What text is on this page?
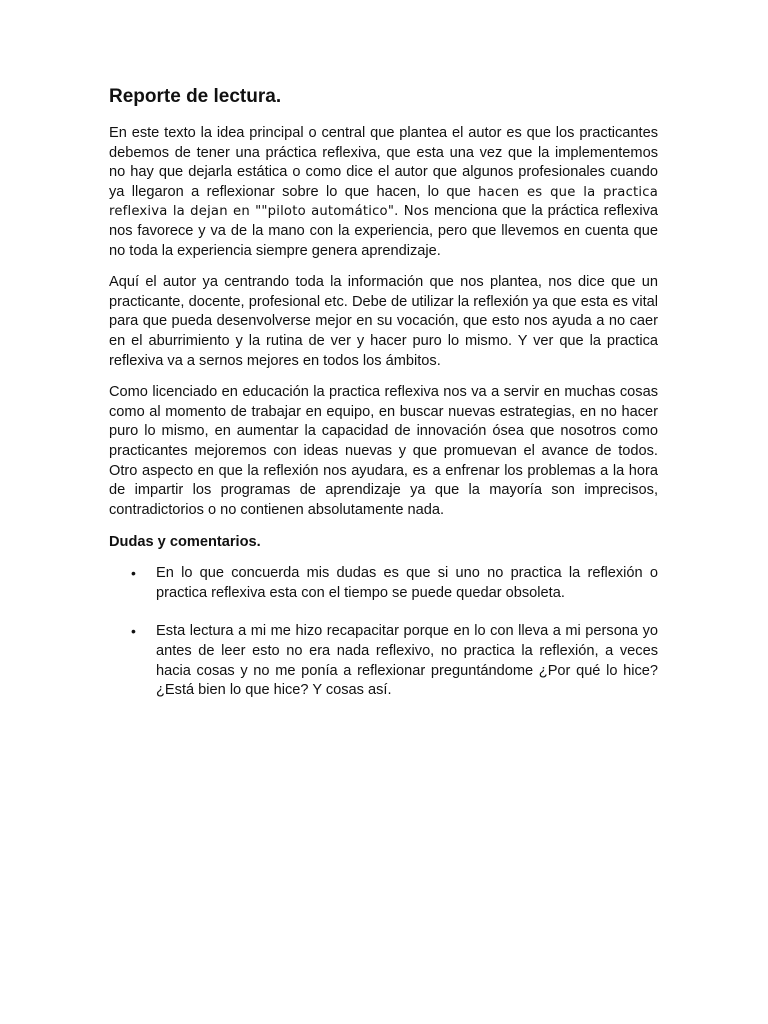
Reporte de lectura.

En este texto la idea principal o central que plantea el autor es que los practicantes debemos de tener una práctica reflexiva, que esta una vez que la implementemos no hay que dejarla estática o como dice el autor que algunos profesionales cuando ya llegaron a reflexionar sobre lo que hacen, lo que hacen es que la practica reflexiva la dejan en ""piloto automático". Nos menciona que la práctica reflexiva nos favorece y va de la mano con la experiencia, pero que llevemos en cuenta que no toda la experiencia siempre genera aprendizaje.

Aquí el autor ya centrando toda la información que nos plantea, nos dice que un practicante, docente, profesional etc. Debe de utilizar la reflexión ya que esta es vital para que pueda desenvolverse mejor en su vocación, que esto nos ayuda a no caer en el aburrimiento y la rutina de ver y hacer puro lo mismo. Y ver que la practica reflexiva va a sernos mejores en todos los ámbitos.

Como licenciado en educación la practica reflexiva nos va a servir en muchas cosas como al momento de trabajar en equipo, en buscar nuevas estrategias, en no hacer puro lo mismo, en aumentar la capacidad de innovación ósea que nosotros como practicantes mejoremos con ideas nuevas y que promuevan el avance de todos. Otro aspecto en que la reflexión nos ayudara, es a enfrenar los problemas a la hora de impartir los programas de aprendizaje ya que la mayoría son imprecisos, contradictorios o no contienen absolutamente nada.

Dudas y comentarios.
• En lo que concuerda mis dudas es que si uno no practica la reflexión o practica reflexiva esta con el tiempo se puede quedar obsoleta.
• Esta lectura a mi me hizo recapacitar porque en lo con lleva a mi persona yo antes de leer esto no era nada reflexivo, no practica la reflexión, a veces hacia cosas y no me ponía a reflexionar preguntándome ¿Por qué lo hice? ¿Está bien lo que hice? Y cosas así.
